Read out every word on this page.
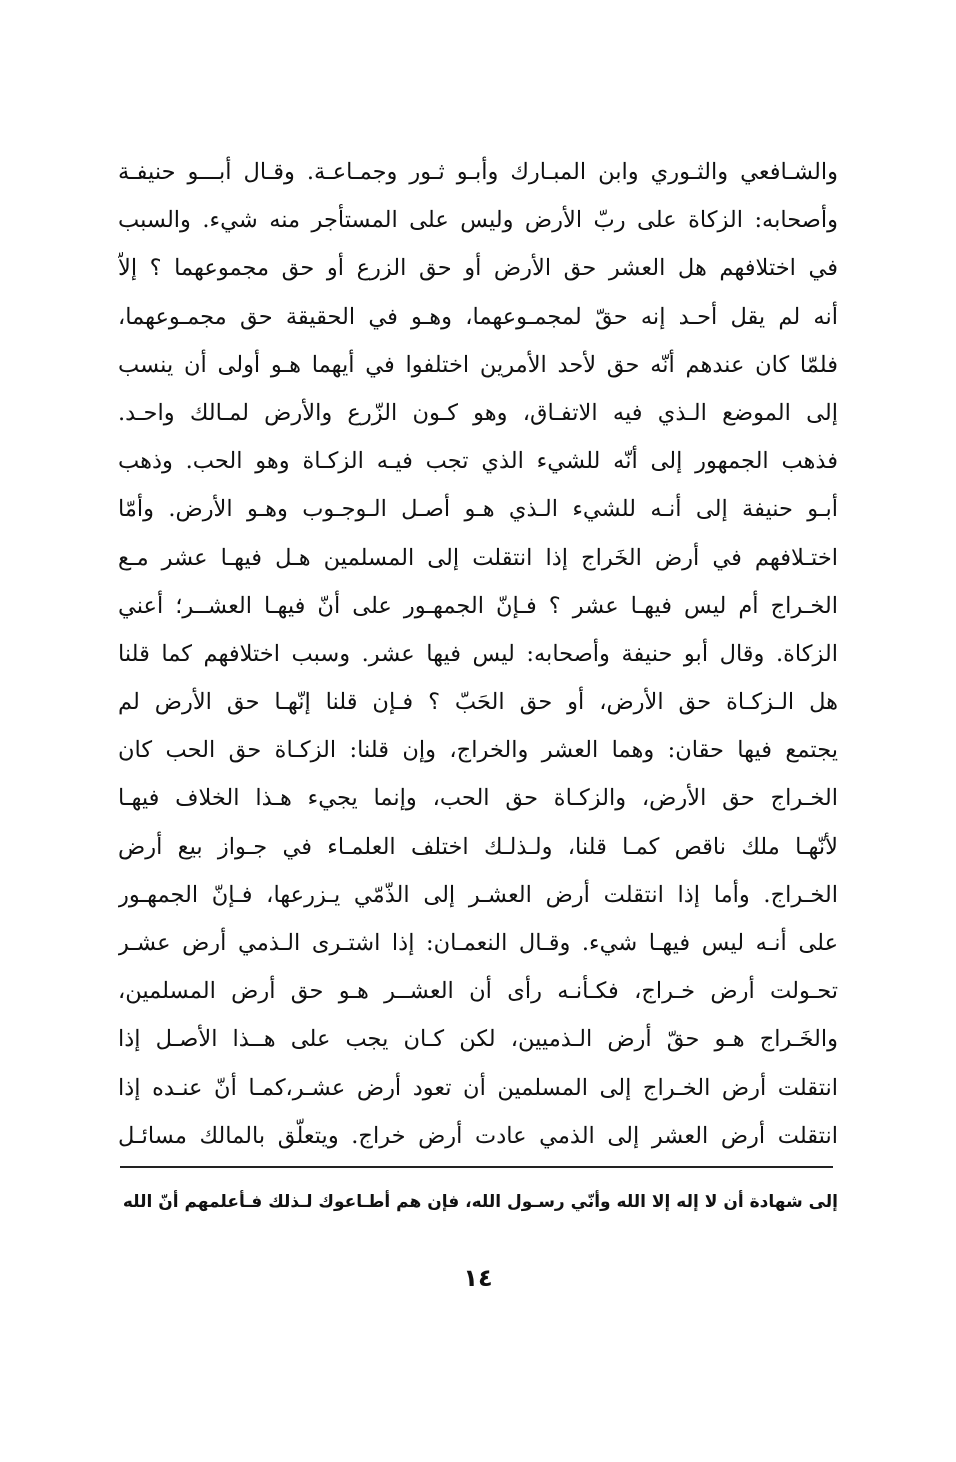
والشـافعي والثـوري وابن المبـارك وأبـو ثـور وجمـاعـة. وقـال أبـــو حنيفـة
وأصحابه: الزكاة على ربّ الأرض وليس على المستأجر منه شيء. والسبب
في اختلافهم هل العشر حق الأرض أو حق الزرع أو حق مجموعهما ؟ إلاّ
أنه لم يقل أحـد إنه حقّ لمجمـوعهما، وهـو في الحقيقة حق مجمـوعهما،
فلمّا كان عندهم أنّه حق لأحد الأمرين اختلفوا في أيهما هـو أولى أن ينسب
إلى الموضع الـذي فيه الاتفـاق، وهو كـون الزّرع والأرض لمـالك واحـد.
فذهب الجمهور إلى أنّه للشيء الذي تجب فيـه الزكـاة وهو الحب. وذهب
أبـو حنيفة إلى أنـه للشيء الـذي هـو أصـل الـوجـوب وهـو الأرض. وأمّا
اختـلافهم في أرض الخَراج إذا انتقلت إلى المسلمين هـل فيهـا عشر مـع
الخـراج أم ليس فيهـا عشر ؟ فـإنّ الجمهـور على أنّ فيهـا العشــر؛ أعني
الزكاة. وقال أبو حنيفة وأصحابه: ليس فيها عشر. وسبب اختلافهم كما قلنا
هل الـزكـاة حق الأرض، أو حق الحَبّ ؟ فـإن قلنا إنّهـا حق الأرض لم
يجتمع فيها حقان: وهما العشر والخراج، وإن قلنا: الزكـاة حق الحب كان
الخـراج حق الأرض، والزكـاة حق الحب، وإنما يجيء هـذا الخلاف فيهـا
لأنّهـا ملك ناقص كمـا قلنا، ولـذلـك اختلف العلمـاء في جـواز بيع أرض
الخـراج. وأما إذا انتقلت أرض العشـر إلى الذّمّي يـزرعها، فـإنّ الجمهـور
على أنـه ليس فيهـا شيء. وقـال النعمـان: إذا اشتـرى الـذمي أرض عشـر
تحـولت أرض خـراج، فكـأنـه رأى أن العشــر هـو حق أرض المسلمين،
والخَـراج هـو حقّ أرض الـذميين، لكن كـان يجب على هــذا الأصـل إذا
انتقلت أرض الخـراج إلى المسلمين أن تعود أرض عشـر،كمـا أنّ عنـده إذا
انتقلت أرض العشر إلى الذمي عادت أرض خراج. ويتعلّق بالمالك مسائـل
إلى شهادة أن لا إله إلا الله وأنّي رسـول الله، فإن هم أطـاعوك لـذلك فـأعلمهم أنّ الله
١٤
